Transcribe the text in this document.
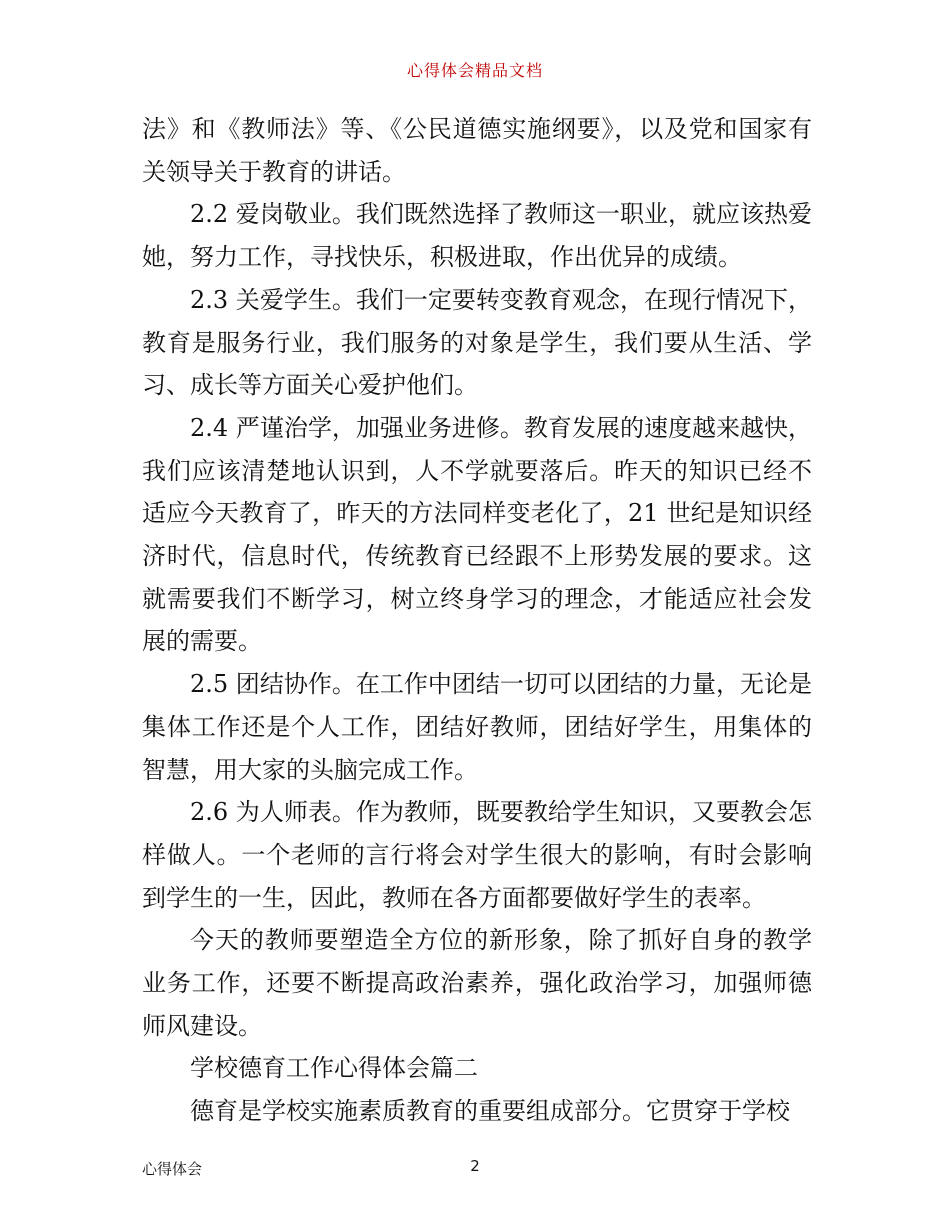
心得体会精品文档

法》和《教师法》等、《公民道德实施纲要》，以及党和国家有关领导关于教育的讲话。

2.2 爱岗敬业。我们既然选择了教师这一职业，就应该热爱她，努力工作，寻找快乐，积极进取，作出优异的成绩。

2.3 关爱学生。我们一定要转变教育观念，在现行情况下，教育是服务行业，我们服务的对象是学生，我们要从生活、学习、成长等方面关心爱护他们。

2.4 严谨治学，加强业务进修。教育发展的速度越来越快，我们应该清楚地认识到，人不学就要落后。昨天的知识已经不适应今天教育了，昨天的方法同样变老化了，21 世纪是知识经济时代，信息时代，传统教育已经跟不上形势发展的要求。这就需要我们不断学习，树立终身学习的理念，才能适应社会发展的需要。

2.5 团结协作。在工作中团结一切可以团结的力量，无论是集体工作还是个人工作，团结好教师，团结好学生，用集体的智慧，用大家的头脑完成工作。

2.6 为人师表。作为教师，既要教给学生知识，又要教会怎样做人。一个老师的言行将会对学生很大的影响，有时会影响到学生的一生，因此，教师在各方面都要做好学生的表率。

今天的教师要塑造全方位的新形象，除了抓好自身的教学业务工作，还要不断提高政治素养，强化政治学习，加强师德师风建设。

学校德育工作心得体会篇二

德育是学校实施素质教育的重要组成部分。它贯穿于学校

心得体会	2
